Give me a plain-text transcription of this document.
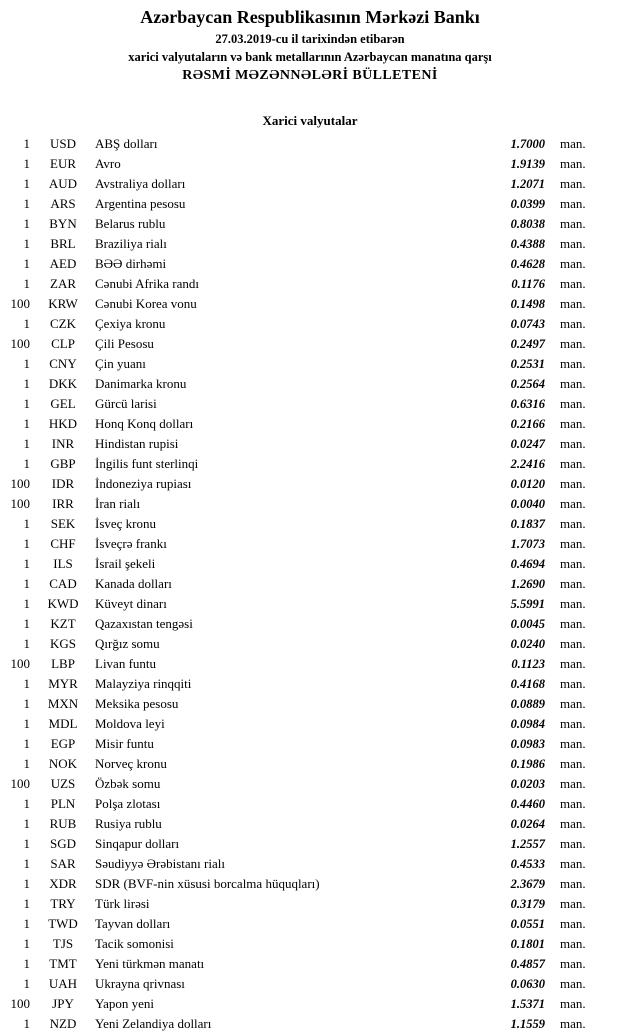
Azərbaycan Respublikasının Mərkəzi Bankı
27.03.2019-cu il tarixindən etibarən
xarici valyutaların və bank metallarının Azərbaycan manatına qarşı
RƏSMİ MƏZƏNNƏLƏRİ BÜLLETENİ
Xarici valyutalar
1	USD	ABŞ dolları	1.7000	man.
1	EUR	Avro	1.9139	man.
1	AUD	Avstraliya dolları	1.2071	man.
1	ARS	Argentina pesosu	0.0399	man.
1	BYN	Belarus rublu	0.8038	man.
1	BRL	Braziliya rialı	0.4388	man.
1	AED	BƏƏ dirhəmi	0.4628	man.
1	ZAR	Cənubi Afrika randı	0.1176	man.
100	KRW	Cənubi Korea vonu	0.1498	man.
1	CZK	Çexiya kronu	0.0743	man.
100	CLP	Çili Pesosu	0.2497	man.
1	CNY	Çin yuanı	0.2531	man.
1	DKK	Danimarka kronu	0.2564	man.
1	GEL	Gürcü larisi	0.6316	man.
1	HKD	Honq Konq dolları	0.2166	man.
1	INR	Hindistan rupisi	0.0247	man.
1	GBP	İngilis funt sterlinqi	2.2416	man.
100	IDR	İndoneziya rupiası	0.0120	man.
100	IRR	İran rialı	0.0040	man.
1	SEK	İsveç kronu	0.1837	man.
1	CHF	İsveçrə frankı	1.7073	man.
1	ILS	İsrail şekeli	0.4694	man.
1	CAD	Kanada dolları	1.2690	man.
1	KWD	Küveyt dinarı	5.5991	man.
1	KZT	Qazaxıstan tengəsi	0.0045	man.
1	KGS	Qırğız somu	0.0240	man.
100	LBP	Livan funtu	0.1123	man.
1	MYR	Malayziya rinqqiti	0.4168	man.
1	MXN	Meksika pesosu	0.0889	man.
1	MDL	Moldova leyi	0.0984	man.
1	EGP	Misir funtu	0.0983	man.
1	NOK	Norveç kronu	0.1986	man.
100	UZS	Özbək somu	0.0203	man.
1	PLN	Polşa zlotası	0.4460	man.
1	RUB	Rusiya rublu	0.0264	man.
1	SGD	Sinqapur dolları	1.2557	man.
1	SAR	Səudiyyə Ərəbistanı rialı	0.4533	man.
1	XDR	SDR (BVF-nin xüsusi borcalma hüquqları)	2.3679	man.
1	TRY	Türk lirəsi	0.3179	man.
1	TWD	Tayvan dolları	0.0551	man.
1	TJS	Tacik somonisi	0.1801	man.
1	TMT	Yeni türkmən manatı	0.4857	man.
1	UAH	Ukrayna qrivnası	0.0630	man.
100	JPY	Yapon yeni	1.5371	man.
1	NZD	Yeni Zelandiya dolları	1.1559	man.
